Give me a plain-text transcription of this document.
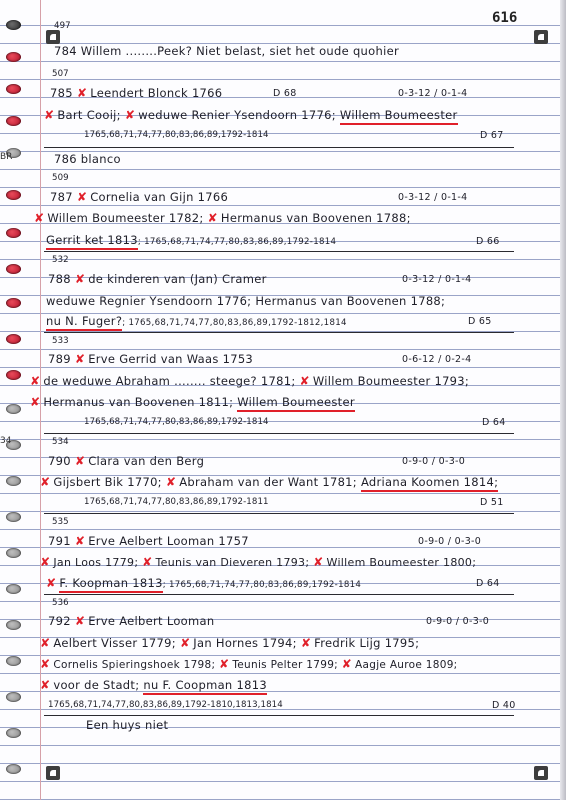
616
BR
34
497
784 Willem ........Peek? Niet belast, siet het oude quohier
507
785 ✘ Leendert Blonck 1766	D 68	0-3-12 / 0-1-4
✘ Bart Cooij; ✘ weduwe Renier Ysendoorn 1776; Willem Boumeester
1765,68,71,74,77,80,83,86,89,1792-1814	D 67
786 blanco
509
787 ✘ Cornelia van Gijn 1766	0-3-12 / 0-1-4
✘ Willem Boumeester 1782; ✘ Hermanus van Boovenen 1788;
Gerrit ket 1813; 1765,68,71,74,77,80,83,86,89,1792-1814	D 66
532
788 ✘ de kinderen van (Jan) Cramer	0-3-12 / 0-1-4
weduwe Regnier Ysendoorn 1776; Hermanus van Boovenen 1788;
nu N. Fuger?; 1765,68,71,74,77,80,83,86,89,1792-1812,1814	D 65
533
789 ✘ Erve Gerrid van Waas 1753	0-6-12 / 0-2-4
✘ de weduwe Abraham ........ steege? 1781; ✘ Willem Boumeester 1793;
✘ Hermanus van Boovenen 1811; Willem Boumeester
1765,68,71,74,77,80,83,86,89,1792-1814	D 64
534
790 ✘ Clara van den Berg	0-9-0 / 0-3-0
✘ Gijsbert Bik 1770; ✘ Abraham van der Want 1781; Adriana Koomen 1814;
1765,68,71,74,77,80,83,86,89,1792-1811	D 51
535
791 ✘ Erve Aelbert Looman 1757	0-9-0 / 0-3-0
✘ Jan Loos 1779; ✘ Teunis van Dieveren 1793; ✘ Willem Boumeester 1800;
✘ F. Koopman 1813; 1765,68,71,74,77,80,83,86,89,1792-1814	D 64
536
792 ✘ Erve Aelbert Looman	0-9-0 / 0-3-0
✘ Aelbert Visser 1779; ✘ Jan Hornes 1794; ✘ Fredrik Lijg 1795;
✘ Cornelis Spieringshoek 1798; ✘ Teunis Pelter 1799; ✘ Aagje Auroe 1809;
✘ voor de Stadt; nu F. Coopman 1813
1765,68,71,74,77,80,83,86,89,1792-1810,1813,1814	D 40
Een huys niet
